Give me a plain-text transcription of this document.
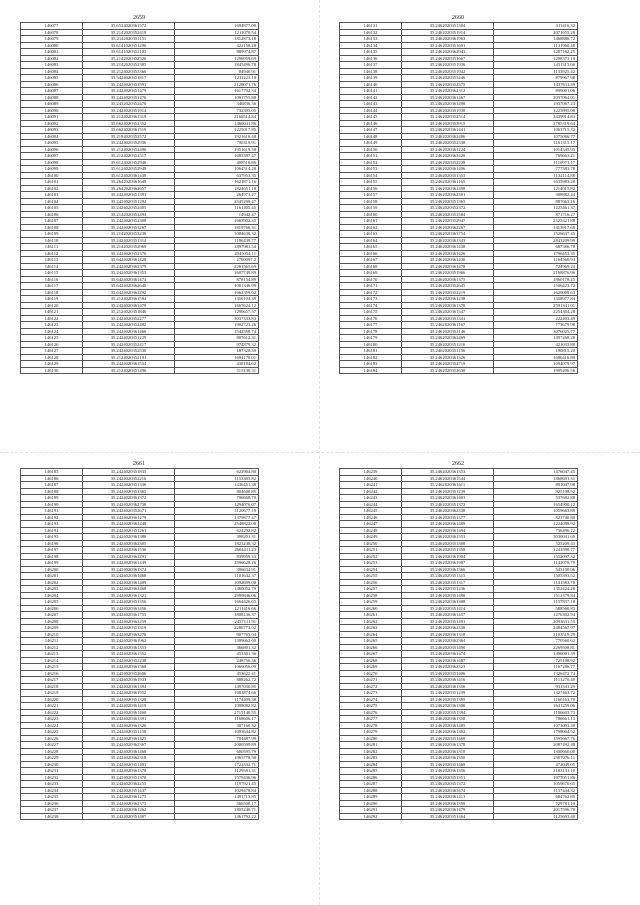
2659
146077	35.6524020361572	1694877.09
146078	35.2142020352419	1211070.54
146079	35.2142020351151	1812873.18
146080	35.6141020351206	422158.28
146081	35.6141020352103	889974.87
146082	35.2142020352526	1296959.69
146083	35.2142020352385	1845496.78
146084	35.2124020353366	84940.91
146085	35.5424020351817	1211223.18
146086	35.2424020353591	2128071.76
146087	35.2424020351479	1617702.34
146088	35.2424020351476	1091755.88
146089	35.2432020352470	346836.36
146090	35.2424020351914	732395.05
146091	35.2124020361319	2166514.84
146092	35.6624020352352	1466041.86
146093	35.6624020361519	1225017.85
146094	35.2194020352572	1921616.48
146095	35.2424020352936	790319.91
146096	35.2124020352496	1951619.59
146097	35.2124020352517	1685397.47
146098	35.6124020352946	408516.86
146099	35.6124020352949	1064514.28
146100	35.6124020361438	637953.35
146101	35.2642020361649	1621871.16
146102	35.2642020362657	1824651.18
146103	35.2424020351391	264973.27
146104	35.2424020351294	2345299.47
146105	35.2424020352405	1161405.45
146106	35.2142020352494	14942.47
146107	35.2424020352308	1663902.35
146108	35.2424020353267	1819766.31
146109	35.2142020353238	1084630.32
146110	35.2424020351314	1106439.77
146111	35.2142020352969	1897981.54
146112	35.2424020352376	2045054.11
146113	35.6424020361428	2769097.2
146114	35.2424020362379	2261565.69
146115	35.2424020361353	1607749.89
146116	35.6424020361474	878154.89
146117	35.6424020362640	1081346.99
146118	35.6424020362292	1662359.02
146119	35.2124020361594	1356104.39
146120	35.2424020361479	1667624.12
146121	35.2124020351840	1290657.57
146122	35.2424020352277	3037333.83
146123	35.2424020352482	1902723.26
146124	35.2424020361466	1542358.74
146125	35.2424020351229	807612.31
146126	35.2424020352417	974879.32
146127	35.2424020352530	187320.39
146128	35.2124020352191	1694170.01
146129	35.2424020361534	438184.62
146130	35.2124020351496	513130.31
2660
146131	35.2462020351304	311416.32
146132	35.2462020351914	2071655.28
146133	35.2462020361963	1468886.72
146134	35.2462020351691	1131960.48
146135	35.2462020362941	1287162.25
146136	35.2462020351667	1208371.18
146137	35.2462020351936	1431313.66
146138	35.2462020351942	1133925.42
146139	35.2462020353446	879967.98
146140	35.2462020352375	1437611.39
146141	35.2462020362312	899001.06
146142	35.2462020361467	2037064.01
146143	35.2462020361498	1937067.23
146144	35.2462020351938	1225895.08
146145	35.2462020352514	3439914.83
146146	35.2462020353915	2785319.64
146147	35.2462020361441	1063715.32
146148	35.2462020362406	1075066.77
146149	35.2462020352338	1161315.17
146150	35.2462020361224	1014345.95
146151	35.2462020361428	769663.21
146152	35.2462020352228	1110971.17
146153	35.2462020361406	777583.78
146154	35.2462020351353	1132114.88
146155	35.2462020361165	1635983.28
146156	35.2462020361498	1214015.82
146157	35.2462020362301	308882.44
146158	35.2462020351365	887663.16
146159	35.2462020352372	1225461.37
146160	35.2462020351584	871716.27
146161	35.2462020352947	2525321.88
146162	35.2462020362267	1413917.68
146163	35.2462020363754	1526637.45
146164	35.2462020361343	2843209.99
146165	35.2462020361438	687386.78
146166	35.2462020361426	1796453.35
146167	35.2462020361430	1164566.93
146168	35.2462020361478	724969.24
146169	35.2462020351966	2168876.96
146170	35.2462020361375	1860178.25
146171	35.2462020352645	1506423.72
146172	35.2462020352219	1620009.63
146173	35.2462020361238	1358977.84
146174	35.2462020361378	2591341.01
146175	35.2462020361547	2254304.28
146176	35.2462020351341	222403.49
146177	35.2462020361167	773679.98
146178	35.2462020352146	3076025.77
146179	35.2462020362469	1497268.28
146180	35.2462020351216	421033.88
146181	35.2462020351156	190815.20
146182	35.2462020361326	1680416.80
146183	35.2462020352719	1094079.97
146184	35.2462020352630	1999206.56
2661
146185	35.2424020351835	622904.80
146186	35.2424020352216	1153305.82
146187	35.2424020351336	1436451.38
146188	35.2424020351365	804600.85
146189	35.2424020361372	796668.70
146190	35.2424020362738	1294076.07
146191	35.2424020352671	1120677.19
146192	35.2424020361279	1379877.47
146193	35.2424020361448	2548822.08
146194	35.2424020351261	624292.82
146195	35.2424020361386	398201.31
146196	35.2424020362305	1823248.32
146197	35.2424020361536	2604411.23
146198	35.2424020362291	839959.33
146199	35.2424020361449	2596628.26
146200	35.2424020361374	396634.91
146201	35.2424020361468	1101642.37
146202	35.2424020361409	1092699.08
146203	35.2424020362468	1460052.79
146204	35.2424020361321	2999846.06
146205	35.2424020351356	1664426.65
146206	35.2424020361456	1211416.66
146207	35.2424020361755	1808136.37
146208	35.2424020362259	2457111.91
146209	35.2424020351319	2286773.02
146210	35.2424020363276	907765.04
146211	35.2424020361962	1399662.60
146212	35.2424020361353	366801.32
146213	35.2424020361352	453301.36
146214	35.2424020352238	248756.36
146215	35.2424020361368	1066056.09
146216	35.2424020352606	453622.41
146217	35.2424020361933	888262.72
146218	35.2424020361394	1497030.85
146219	35.2424020361952	1683874.66
146220	35.2424020351328	1174409.38
146221	35.2424020361419	1098082.82
146222	35.2424020361460	2715140.55
146223	35.2424020361391	1168606.17
146224	35.2424020361326	307160.32
146225	35.2424020351158	1093644.82
146226	35.2424020361425	704487.99
146227	35.2424020362367	2000599.89
146228	35.2424020361468	600595.79
146229	35.2424020362318	1965778.58
146230	35.2424020351491	1722332.71
146231	35.2424020361378	1129581.31
146232	35.2424020351370	1579436.96
146233	35.2424020362255	1197921.45
146234	35.2424020351437	1029478.84
146235	35.2424020361275	1491713.85
146236	35.2424020362373	566500.17
146237	35.2424020361262	1805240.71
146238	35.2424020351487	1461792.22
2662
146239	35.2462020361353	1476047.45
146240	35.2462020361544	1868691.31
146241	35.2462020361611	891047.98
146242	35.2462020351239	925108.52
146243	35.2462020361403	537682.88
146244	35.2462020351373	1654900.12
146245	35.2462020362338	1059663.89
146246	35.2462020351377	823740.80
146247	35.2462020361489	1224088.92
146248	35.2462020361494	736496.22
146249	35.2462020361353	3030041.69
146250	35.2462020351308	525209.43
146251	35.2462020351358	1243598.77
146252	35.2462020361904	1552097.32
146253	35.2462020361987	1142078.79
146254	35.2462020361366	543100.06
146255	35.2462020351315	1505393.52
146256	35.2462020351317	1141583.78
146257	35.2462020351236	1352424.28
146258	35.2462020351498	1512379.84
146259	35.2462020361308	1157837.18
146260	35.2462020351414	588560.83
146261	35.2462020361457	1276302.94
146262	35.2462020351491	2093631.55
146263	35.2462020362338	2484567.97
146264	35.2462020361318	2103519.29
146265	35.2462020362364	770560.62
146266	35.2462020351490	2269508.81
146267	35.2462020361474	1496081.39
146268	35.2462020361487	725108.92
146269	35.2462020362323	1167286.77
146270	35.2462020351406	1326472.74
146271	35.2462020361416	1113270.40
146272	35.2462020361356	931541.29
146273	35.2462020351239	1327463.72
146274	35.2462020351395	1160163.70
146275	35.2462020361300	1641259.06
146276	35.2462020351394	1106603.73
146277	35.2462020361358	786661.13
146278	35.2462020361485	1073093.39
146279	35.2462020361302	1798004.52
146280	35.2462020351468	1595667.76
146281	35.2462020361378	2087492.48
146282	35.2462020361318	1300660.00
146283	35.2462020361350	2307076.11
146284	35.2462020351469	472049.05
146285	35.2462020361356	2183131.10
146286	35.2462020351351	1977051.86
146287	35.2462020351372	1059670.65
146288	35.2462020361474	1137444.32
146289	35.2462020361413	684762.85
146290	35.2462020361358	729781.19
146291	35.2462020361479	2017596.70
146292	35.2462020351464	1125693.40
